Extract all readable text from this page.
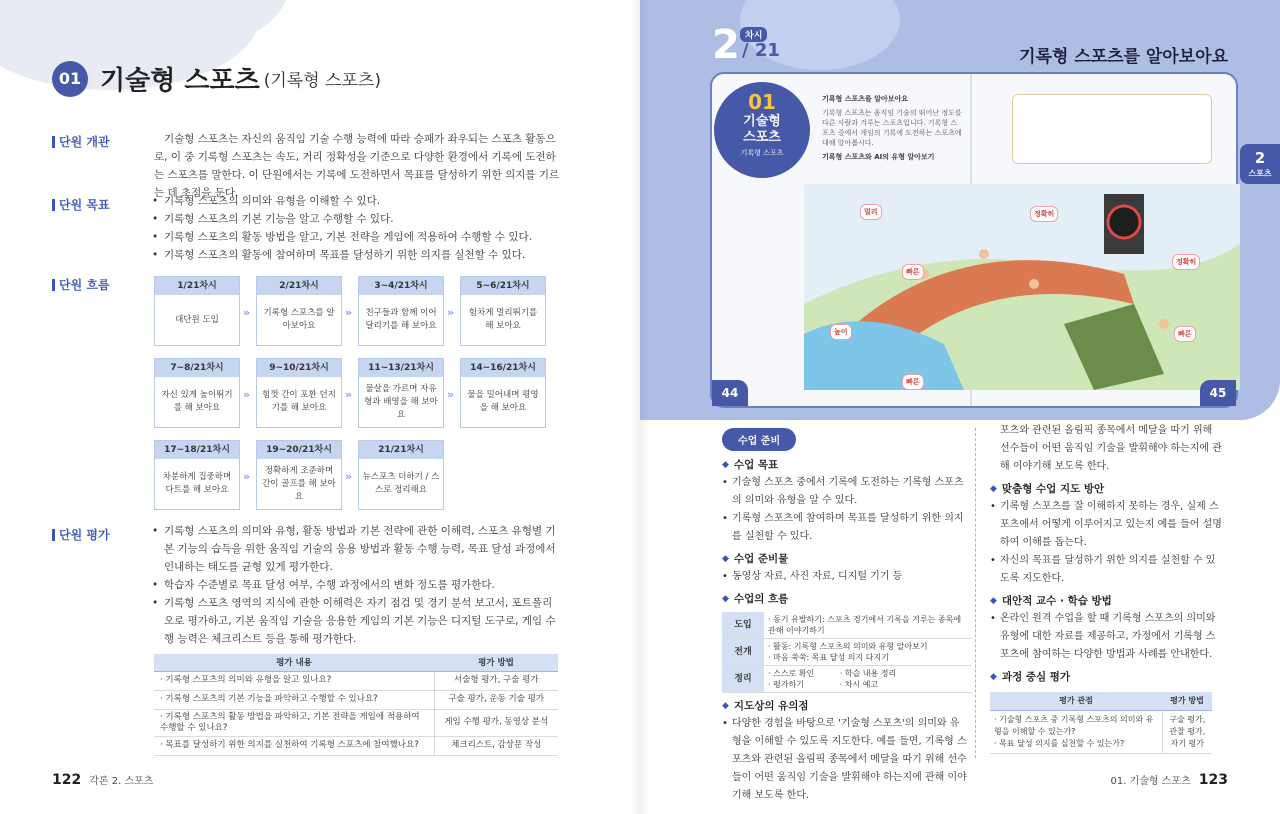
01 기술형 스포츠 (기록형 스포츠)
단원 개관	기술형 스포츠는 자신의 움직임 기술 수행 능력에 따라 승패가 좌우되는 스포츠 활동으로, 이 중 기록형 스포츠는 속도, 거리 정확성을 기준으로 다양한 환경에서 기록에 도전하는 스포츠를 말한다. 이 단원에서는 기록에 도전하면서 목표를 달성하기 위한 의지를 기르는 데 초점을 둔다.
단원 목표	• 기록형 스포츠의 의미와 유형을 이해할 수 있다.
• 기록형 스포츠의 기본 기능을 알고 수행할 수 있다.
• 기록형 스포츠의 활동 방법을 알고, 기본 전략을 게임에 적용하여 수행할 수 있다.
• 기록형 스포츠의 활동에 참여하며 목표를 달성하기 위한 의지를 실천할 수 있다.
단원 흐름	1/21차시
대단원 도입
»
2/21차시
기록형 스포츠를 알아보아요
»
3~4/21차시
친구들과 함께 이어달리기를 해 보아요
»
5~6/21차시
힘차게 멀리뛰기를 해 보아요
7~8/21차시
자신 있게 높이뛰기를 해 보아요
»
9~10/21차시
힘껏 간이 포환 던지기를 해 보아요
»
11~13/21차시
물살을 가르며 자유형과 배영을 해 보아요
»
14~16/21차시
물을 밀어내며 평영을 해 보아요
17~18/21차시
차분하게 집중하며 다트를 해 보아요
»
19~20/21차시
정확하게 조준하며 간이 골프를 해 보아요
»
21/21차시
뉴스포츠 더하기 / 스스로 정리해요
단원 평가	• 기록형 스포츠의 의미와 유형, 활동 방법과 기본 전략에 관한 이해력, 스포츠 유형별 기본 기능의 습득을 위한 움직임 기술의 응용 방법과 활동 수행 능력, 목표 달성 과정에서 인내하는 태도를 균형 있게 평가한다.
• 학습자 수준별로 목표 달성 여부, 수행 과정에서의 변화 정도를 평가한다.
• 기록형 스포츠 영역의 지식에 관한 이해력은 자기 점검 및 경기 분석 보고서, 포트폴리오로 평가하고, 기본 움직임 기술을 응용한 게임의 기본 기능은 디지털 도구로, 게임 수행 능력은 체크리스트 등을 통해 평가한다.
평가 내용	평가 방법
· 기록형 스포츠의 의미와 유형을 알고 있나요?	서술형 평가, 구술 평가
· 기록형 스포츠의 기본 기능을 파악하고 수행할 수 있나요?	구술 평가, 운동 기술 평가
· 기록형 스포츠의 활동 방법을 파악하고, 기본 전략을 게임에 적용하여 수행할 수 있나요?	게임 수행 평가, 동영상 분석
· 목표를 달성하기 위한 의지를 실천하여 기록형 스포츠에 참여했나요?	체크리스트, 감상문 작성
122 각론 2. 스포츠
2 차시
/ 21	기록형 스포츠를 알아보아요
2
스포츠
01
기술형
스포츠
기록형 스포츠
기록형 스포츠를 알아보아요
기록형 스포츠는 움직임 기술의 뛰어난 정도를 다른 사람과 겨루는 스포츠입니다. 기록형 스포츠 중에서 게임의 기록에 도전하는 스포츠에 대해 알아봅시다.
기록형 스포츠와 AI의 유형 알아보기
멀리	정확히
빠른
높이
빠른
정확히
빠른
44	45
수업 준비
◆ 수업 목표
• 기술형 스포츠 중에서 기록에 도전하는 기록형 스포츠의 의미와 유형을 알 수 있다.
• 기록형 스포츠에 참여하며 목표를 달성하기 위한 의지를 실천할 수 있다.
◆ 수업 준비물
• 동영상 자료, 사진 자료, 디지털 기기 등
◆ 수업의 흐름
도입	· 동기 유발하기: 스포츠 경기에서 기록을 겨루는 종목에 관해 이야기하기
전개	· 활동: 기록형 스포츠의 의미와 유형 알아보기
· 마음 쑥쑥: 목표 달성 의지 다지기
정리	· 스스로 확인          · 학습 내용 정리
· 평가하기              · 차시 예고
◆ 지도상의 유의점
• 다양한 경험을 바탕으로 '기술형 스포츠'의 의미와 유형을 이해할 수 있도록 지도한다. 예를 들면, 기록형 스포츠와 관련된 올림픽 종목에서 메달을 따기 위해 선수들이 어떤 움직임 기술을 발휘해야 하는지에 관해 이야기해 보도록 한다.
포츠와 관련된 올림픽 종목에서 메달을 따기 위해 선수들이 어떤 움직임 기술을 발휘해야 하는지에 관해 이야기해 보도록 한다.
◆ 맞춤형 수업 지도 방안
• 기록형 스포츠를 잘 이해하지 못하는 경우, 실제 스포츠에서 어떻게 이루어지고 있는지 예를 들어 설명하여 이해를 돕는다.
• 자신의 목표를 달성하기 위한 의지를 실천할 수 있도록 지도한다.
◆ 대안적 교수 · 학습 방법
• 온라인 원격 수업을 할 때 기록형 스포츠의 의미와 유형에 대한 자료를 제공하고, 가정에서 기록형 스포츠에 참여하는 다양한 방법과 사례를 안내한다.
◆ 과정 중심 평가
평가 관점	평가 방법
· 기술형 스포츠 중 기록형 스포츠의 의미와 유형을 이해할 수 있는가?
· 목표 달성 의지를 실천할 수 있는가?	구술 평가, 관찰 평가, 자기 평가
01. 기술형 스포츠 123
